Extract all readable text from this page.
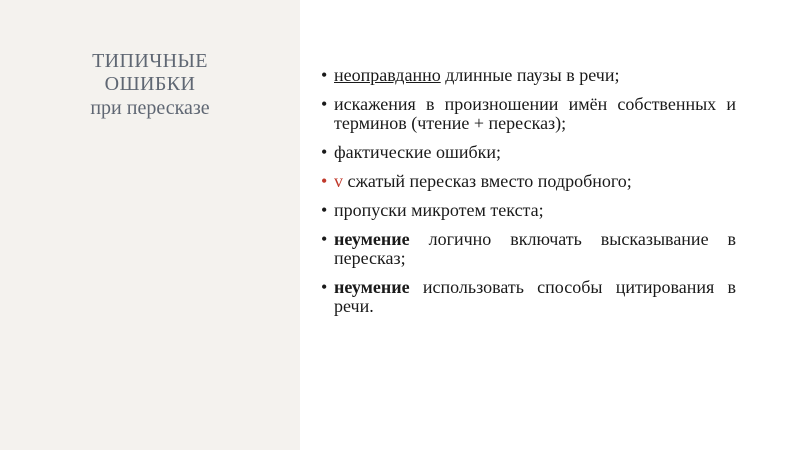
ТИПИЧНЫЕ
ОШИБКИ
при пересказе
• неоправданно длинные паузы в речи;
• искажения в произношении имён собственных и терминов (чтение + пересказ);
• фактические ошибки;
• v сжатый пересказ вместо подробного;
• пропуски микротем текста;
• неумение логично включать высказывание в пересказ;
• неумение использовать способы цитирования в речи.
